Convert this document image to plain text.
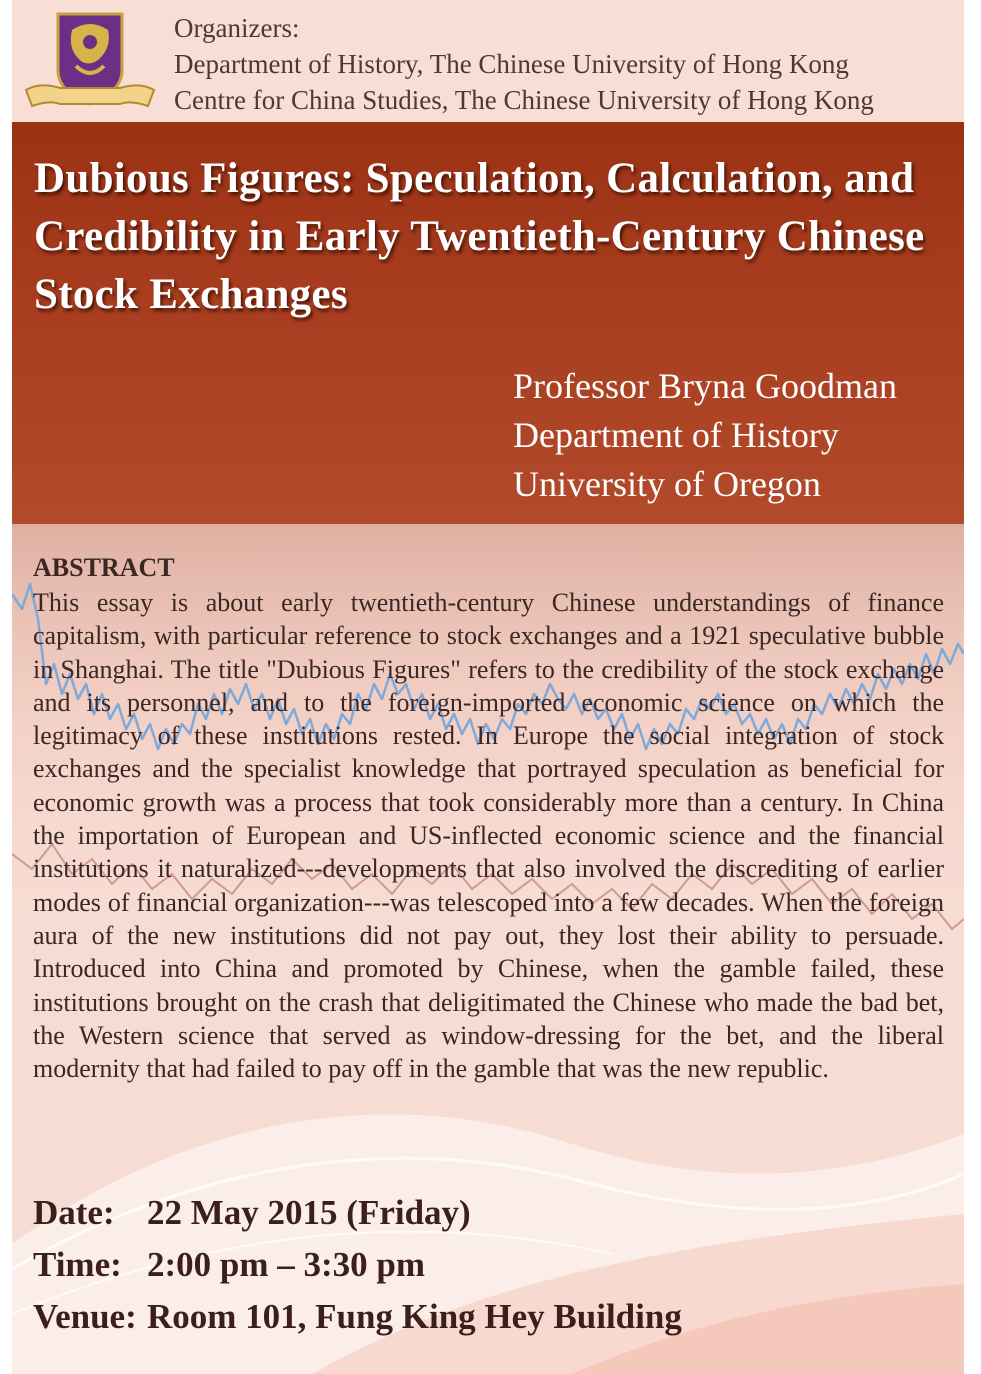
Organizers:
Department of History, The Chinese University of Hong Kong
Centre for China Studies, The Chinese University of Hong Kong
Dubious Figures: Speculation, Calculation, and Credibility in Early Twentieth-Century Chinese Stock Exchanges
Professor Bryna Goodman
Department of History
University of Oregon
ABSTRACT
This essay is about early twentieth-century Chinese understandings of finance capitalism, with particular reference to stock exchanges and a 1921 speculative bubble in Shanghai. The title "Dubious Figures" refers to the credibility of the stock exchange and its personnel, and to the foreign-imported economic science on which the legitimacy of these institutions rested. In Europe the social integration of stock exchanges and the specialist knowledge that portrayed speculation as beneficial for economic growth was a process that took considerably more than a century. In China the importation of European and US-inflected economic science and the financial institutions it naturalized---developments that also involved the discrediting of earlier modes of financial organization---was telescoped into a few decades. When the foreign aura of the new institutions did not pay out, they lost their ability to persuade. Introduced into China and promoted by Chinese, when the gamble failed, these institutions brought on the crash that deligitimated the Chinese who made the bad bet, the Western science that served as window-dressing for the bet, and the liberal modernity that had failed to pay off in the gamble that was the new republic.
Date: 22 May 2015 (Friday)
Time: 2:00 pm – 3:30 pm
Venue: Room 101, Fung King Hey Building
